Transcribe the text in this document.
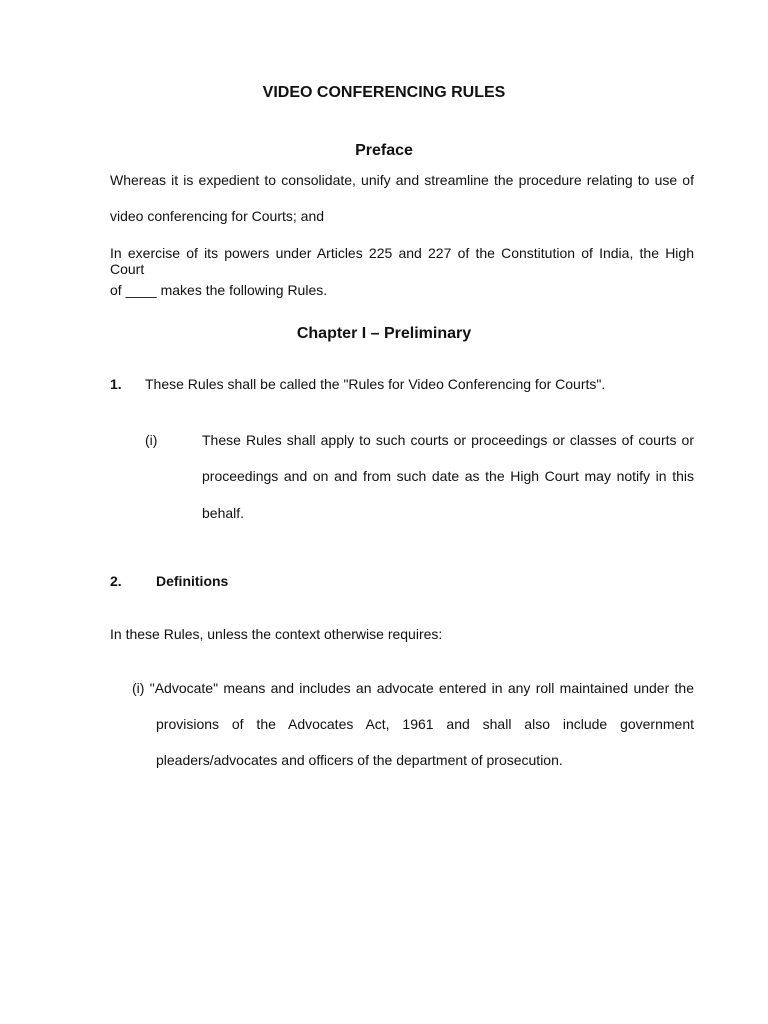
VIDEO CONFERENCING RULES
Preface
Whereas it is expedient to consolidate, unify and streamline the procedure relating to use of
video conferencing for Courts; and
In exercise of its powers under Articles 225 and 227 of the Constitution of India, the High Court
of ____ makes the following Rules.
Chapter I – Preliminary
1. These Rules shall be called the "Rules for Video Conferencing for Courts".
(i)	These Rules shall apply to such courts or proceedings or classes of courts or
proceedings and on and from such date as the High Court may notify in this
behalf.
2. Definitions
In these Rules, unless the context otherwise requires:
(i) "Advocate" means and includes an advocate entered in any roll maintained under the
provisions of the Advocates Act, 1961 and shall also include government
pleaders/advocates and officers of the department of prosecution.
